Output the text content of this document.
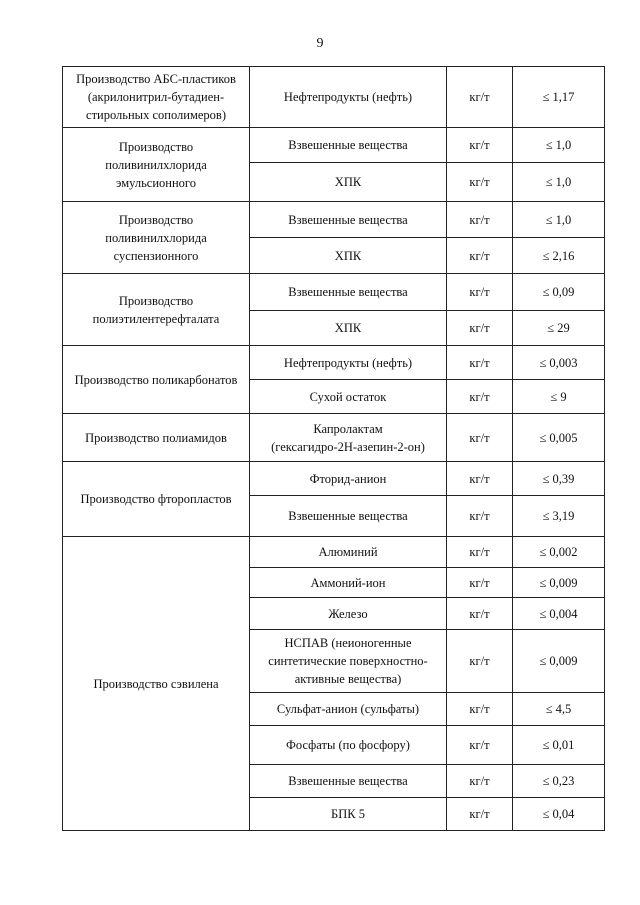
9
Производство АБС-пластиков
(акрилонитрил-бутадиен-
стирольных сополимеров)	Нефтепродукты (нефть)	кг/т	≤ 1,17
Производство
поливинилхлорида
эмульсионного	Взвешенные вещества	кг/т	≤ 1,0
	ХПК	кг/т	≤ 1,0
Производство
поливинилхлорида
суспензионного	Взвешенные вещества	кг/т	≤ 1,0
	ХПК	кг/т	≤ 2,16
Производство
полиэтилентерефталата	Взвешенные вещества	кг/т	≤ 0,09
	ХПК	кг/т	≤ 29
Производство поликарбонатов	Нефтепродукты (нефть)	кг/т	≤ 0,003
	Сухой остаток	кг/т	≤ 9
Производство полиамидов	Капролактам
(гексагидро-2Н-азепин-2-он)	кг/т	≤ 0,005
Производство фторопластов	Фторид-анион	кг/т	≤ 0,39
	Взвешенные вещества	кг/т	≤ 3,19
Производство сэвилена	Алюминий	кг/т	≤ 0,002
	Аммоний-ион	кг/т	≤ 0,009
	Железо	кг/т	≤ 0,004
	НСПАВ (неионогенные
синтетические поверхностно-
активные вещества)	кг/т	≤ 0,009
	Сульфат-анион (сульфаты)	кг/т	≤ 4,5
	Фосфаты (по фосфору)	кг/т	≤ 0,01
	Взвешенные вещества	кг/т	≤ 0,23
	БПК 5	кг/т	≤ 0,04
